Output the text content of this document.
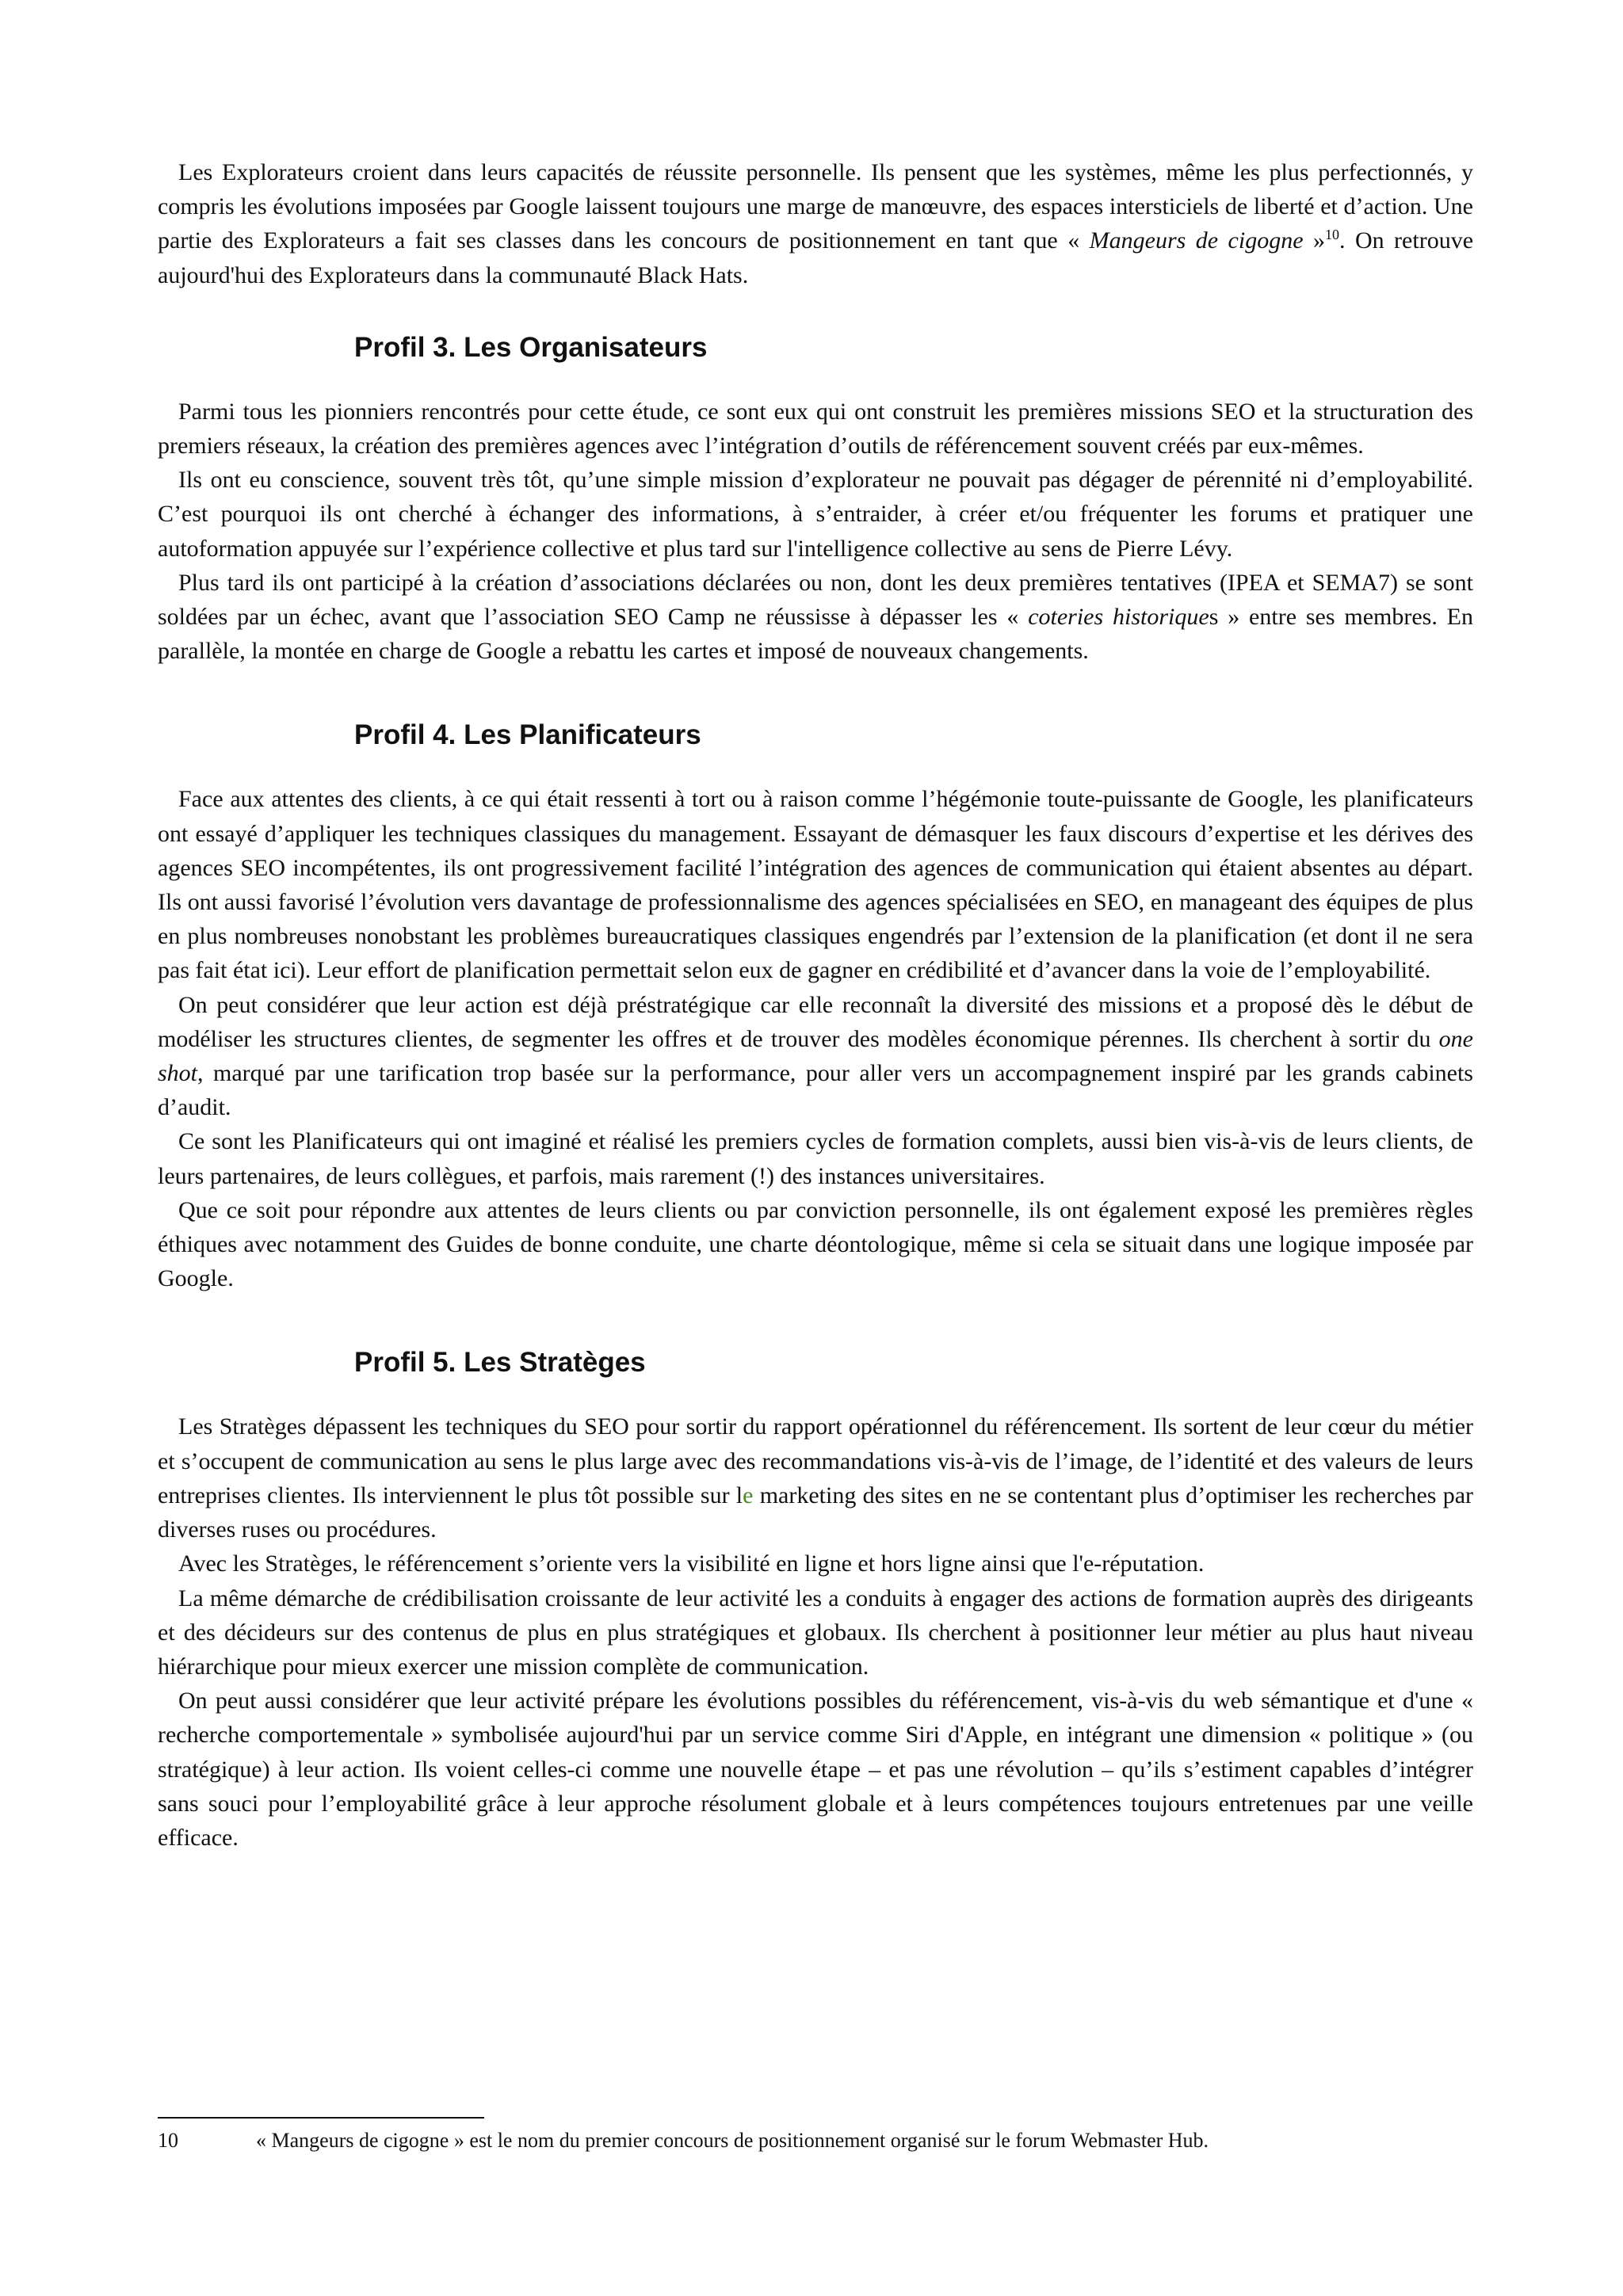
Les Explorateurs croient dans leurs capacités de réussite personnelle. Ils pensent que les systèmes, même les plus perfectionnés, y compris les évolutions imposées par Google laissent toujours une marge de manœuvre, des espaces intersticiels de liberté et d’action. Une partie des Explorateurs a fait ses classes dans les concours de positionnement en tant que « Mangeurs de cigogne »$^{10}$. On retrouve aujourd'hui des Explorateurs dans la communauté Black Hats.

Profil 3. Les Organisateurs

Parmi tous les pionniers rencontrés pour cette étude, ce sont eux qui ont construit les premières missions SEO et la structuration des premiers réseaux, la création des premières agences avec l’intégration d’outils de référencement souvent créés par eux-mêmes.

Ils ont eu conscience, souvent très tôt, qu’une simple mission d’explorateur ne pouvait pas dégager de pérennité ni d’employabilité. C’est pourquoi ils ont cherché à échanger des informations, à s’entraider, à créer et/ou fréquenter les forums et pratiquer une autoformation appuyée sur l’expérience collective et plus tard sur l'intelligence collective au sens de Pierre Lévy.

Plus tard ils ont participé à la création d’associations déclarées ou non, dont les deux premières tentatives (IPEA et SEMA7) se sont soldées par un échec, avant que l’association SEO Camp ne réussisse à dépasser les « coteries historiques » entre ses membres. En parallèle, la montée en charge de Google a rebattu les cartes et imposé de nouveaux changements.

Profil 4. Les Planificateurs

Face aux attentes des clients, à ce qui était ressenti à tort ou à raison comme l’hégémonie toute-puissante de Google, les planificateurs ont essayé d’appliquer les techniques classiques du management. Essayant de démasquer les faux discours d’expertise et les dérives des agences SEO incompétentes, ils ont progressivement facilité l’intégration des agences de communication qui étaient absentes au départ. Ils ont aussi favorisé l’évolution vers davantage de professionnalisme des agences spécialisées en SEO, en manageant des équipes de plus en plus nombreuses nonobstant les problèmes bureaucratiques classiques engendrés par l’extension de la planification (et dont il ne sera pas fait état ici). Leur effort de planification permettait selon eux de gagner en crédibilité et d’avancer dans la voie de l’employabilité.

On peut considérer que leur action est déjà préstratégique car elle reconnaît la diversité des missions et a proposé dès le début de modéliser les structures clientes, de segmenter les offres et de trouver des modèles économique pérennes. Ils cherchent à sortir du one shot, marqué par une tarification trop basée sur la performance, pour aller vers un accompagnement inspiré par les grands cabinets d’audit.

Ce sont les Planificateurs qui ont imaginé et réalisé les premiers cycles de formation complets, aussi bien vis-à-vis de leurs clients, de leurs partenaires, de leurs collègues, et parfois, mais rarement (!) des instances universitaires.

Que ce soit pour répondre aux attentes de leurs clients ou par conviction personnelle, ils ont également exposé les premières règles éthiques avec notamment des Guides de bonne conduite, une charte déontologique, même si cela se situait dans une logique imposée par Google.

Profil 5. Les Stratèges

Les Stratèges dépassent les techniques du SEO pour sortir du rapport opérationnel du référencement. Ils sortent de leur cœur du métier et s’occupent de communication au sens le plus large avec des recommandations vis-à-vis de l’image, de l’identité et des valeurs de leurs entreprises clientes. Ils interviennent le plus tôt possible sur le marketing des sites en ne se contentant plus d’optimiser les recherches par diverses ruses ou procédures.

Avec les Stratèges, le référencement s’oriente vers la visibilité en ligne et hors ligne ainsi que l'e-réputation.

La même démarche de crédibilisation croissante de leur activité les a conduits à engager des actions de formation auprès des dirigeants et des décideurs sur des contenus de plus en plus stratégiques et globaux. Ils cherchent à positionner leur métier au plus haut niveau hiérarchique pour mieux exercer une mission complète de communication.

On peut aussi considérer que leur activité prépare les évolutions possibles du référencement, vis-à-vis du web sémantique et d'une « recherche comportementale » symbolisée aujourd'hui par un service comme Siri d'Apple, en intégrant une dimension « politique » (ou stratégique) à leur action. Ils voient celles-ci comme une nouvelle étape – et pas une révolution – qu’ils s’estiment capables d’intégrer sans souci pour l’employabilité grâce à leur approche résolument globale et à leurs compétences toujours entretenues par une veille efficace.

10	« Mangeurs de cigogne » est le nom du premier concours de positionnement organisé sur le forum Webmaster Hub.
